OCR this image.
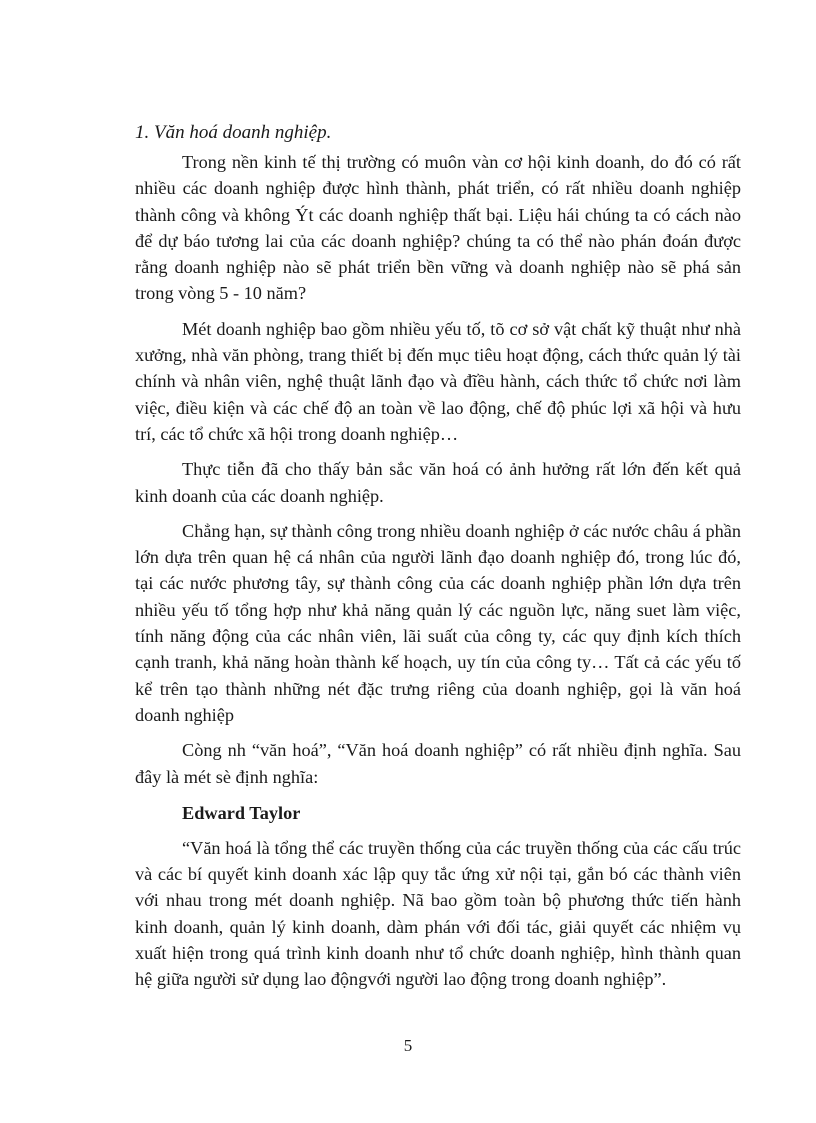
1. Văn hoá doanh nghiệp.

Trong nền kinh tế thị trường có muôn vàn cơ hội kinh doanh, do đó có rất nhiều các doanh nghiệp được hình thành, phát triển, có rất nhiều doanh nghiệp thành công và không Ýt các doanh nghiệp thất bại. Liệu hái chúng ta có cách nào để dự báo tương lai của các doanh nghiệp? chúng ta có thể nào phán đoán được rằng doanh nghiệp nào sẽ phát triển bền vững và doanh nghiệp nào sẽ phá sản trong vòng 5 - 10 năm?

Mét doanh nghiệp bao gồm nhiều yếu tố, tõ cơ sở vật chất kỹ thuật như nhà xưởng, nhà văn phòng, trang thiết bị đến mục tiêu hoạt động, cách thức quản lý tài chính và nhân viên, nghệ thuật lãnh đạo và đĩều hành, cách thức tổ chức nơi làm việc, điều kiện và các chế độ an toàn về lao động, chế độ phúc lợi xã hội và hưu trí, các tổ chức xã hội trong doanh nghiệp…

Thực tiễn đã cho thấy bản sắc văn hoá có ảnh hưởng rất lớn đến kết quả kinh doanh của các doanh nghiệp.

Chẳng hạn, sự thành công trong nhiều doanh nghiệp ở các nước châu á phần lớn dựa trên quan hệ cá nhân của người lãnh đạo doanh nghiệp đó, trong lúc đó, tại các nước phương tây, sự thành công của các doanh nghiệp phần lớn dựa trên nhiều yếu tố tổng hợp như khả năng quản lý các nguồn lực, năng suet làm việc, tính năng động của các nhân viên, lãi suất của công ty, các quy định kích thích cạnh tranh, khả năng hoàn thành kế hoạch, uy tín của công ty… Tất cả các yếu tố kể trên tạo thành những nét đặc trưng riêng của doanh nghiệp, gọi là văn hoá doanh nghiệp

Còng nh “văn hoá”, “Văn hoá doanh nghiệp” có rất nhiều định nghĩa. Sau đây là mét sè định nghĩa:

Edward Taylor

“Văn hoá là tổng thể các truyền thống của các truyền thống của các cấu trúc và các bí quyết kinh doanh xác lập quy tắc ứng xử nội tại, gắn bó các thành viên với nhau trong mét doanh nghiệp. Nã bao gồm toàn bộ phương thức tiến hành kinh doanh, quản lý kinh doanh, dàm phán với đối tác, giải quyết các nhiệm vụ xuất hiện trong quá trình kinh doanh như tổ chức doanh nghiệp, hình thành quan hệ giữa người sử dụng lao độngvới người lao động trong doanh nghiệp”.

5
